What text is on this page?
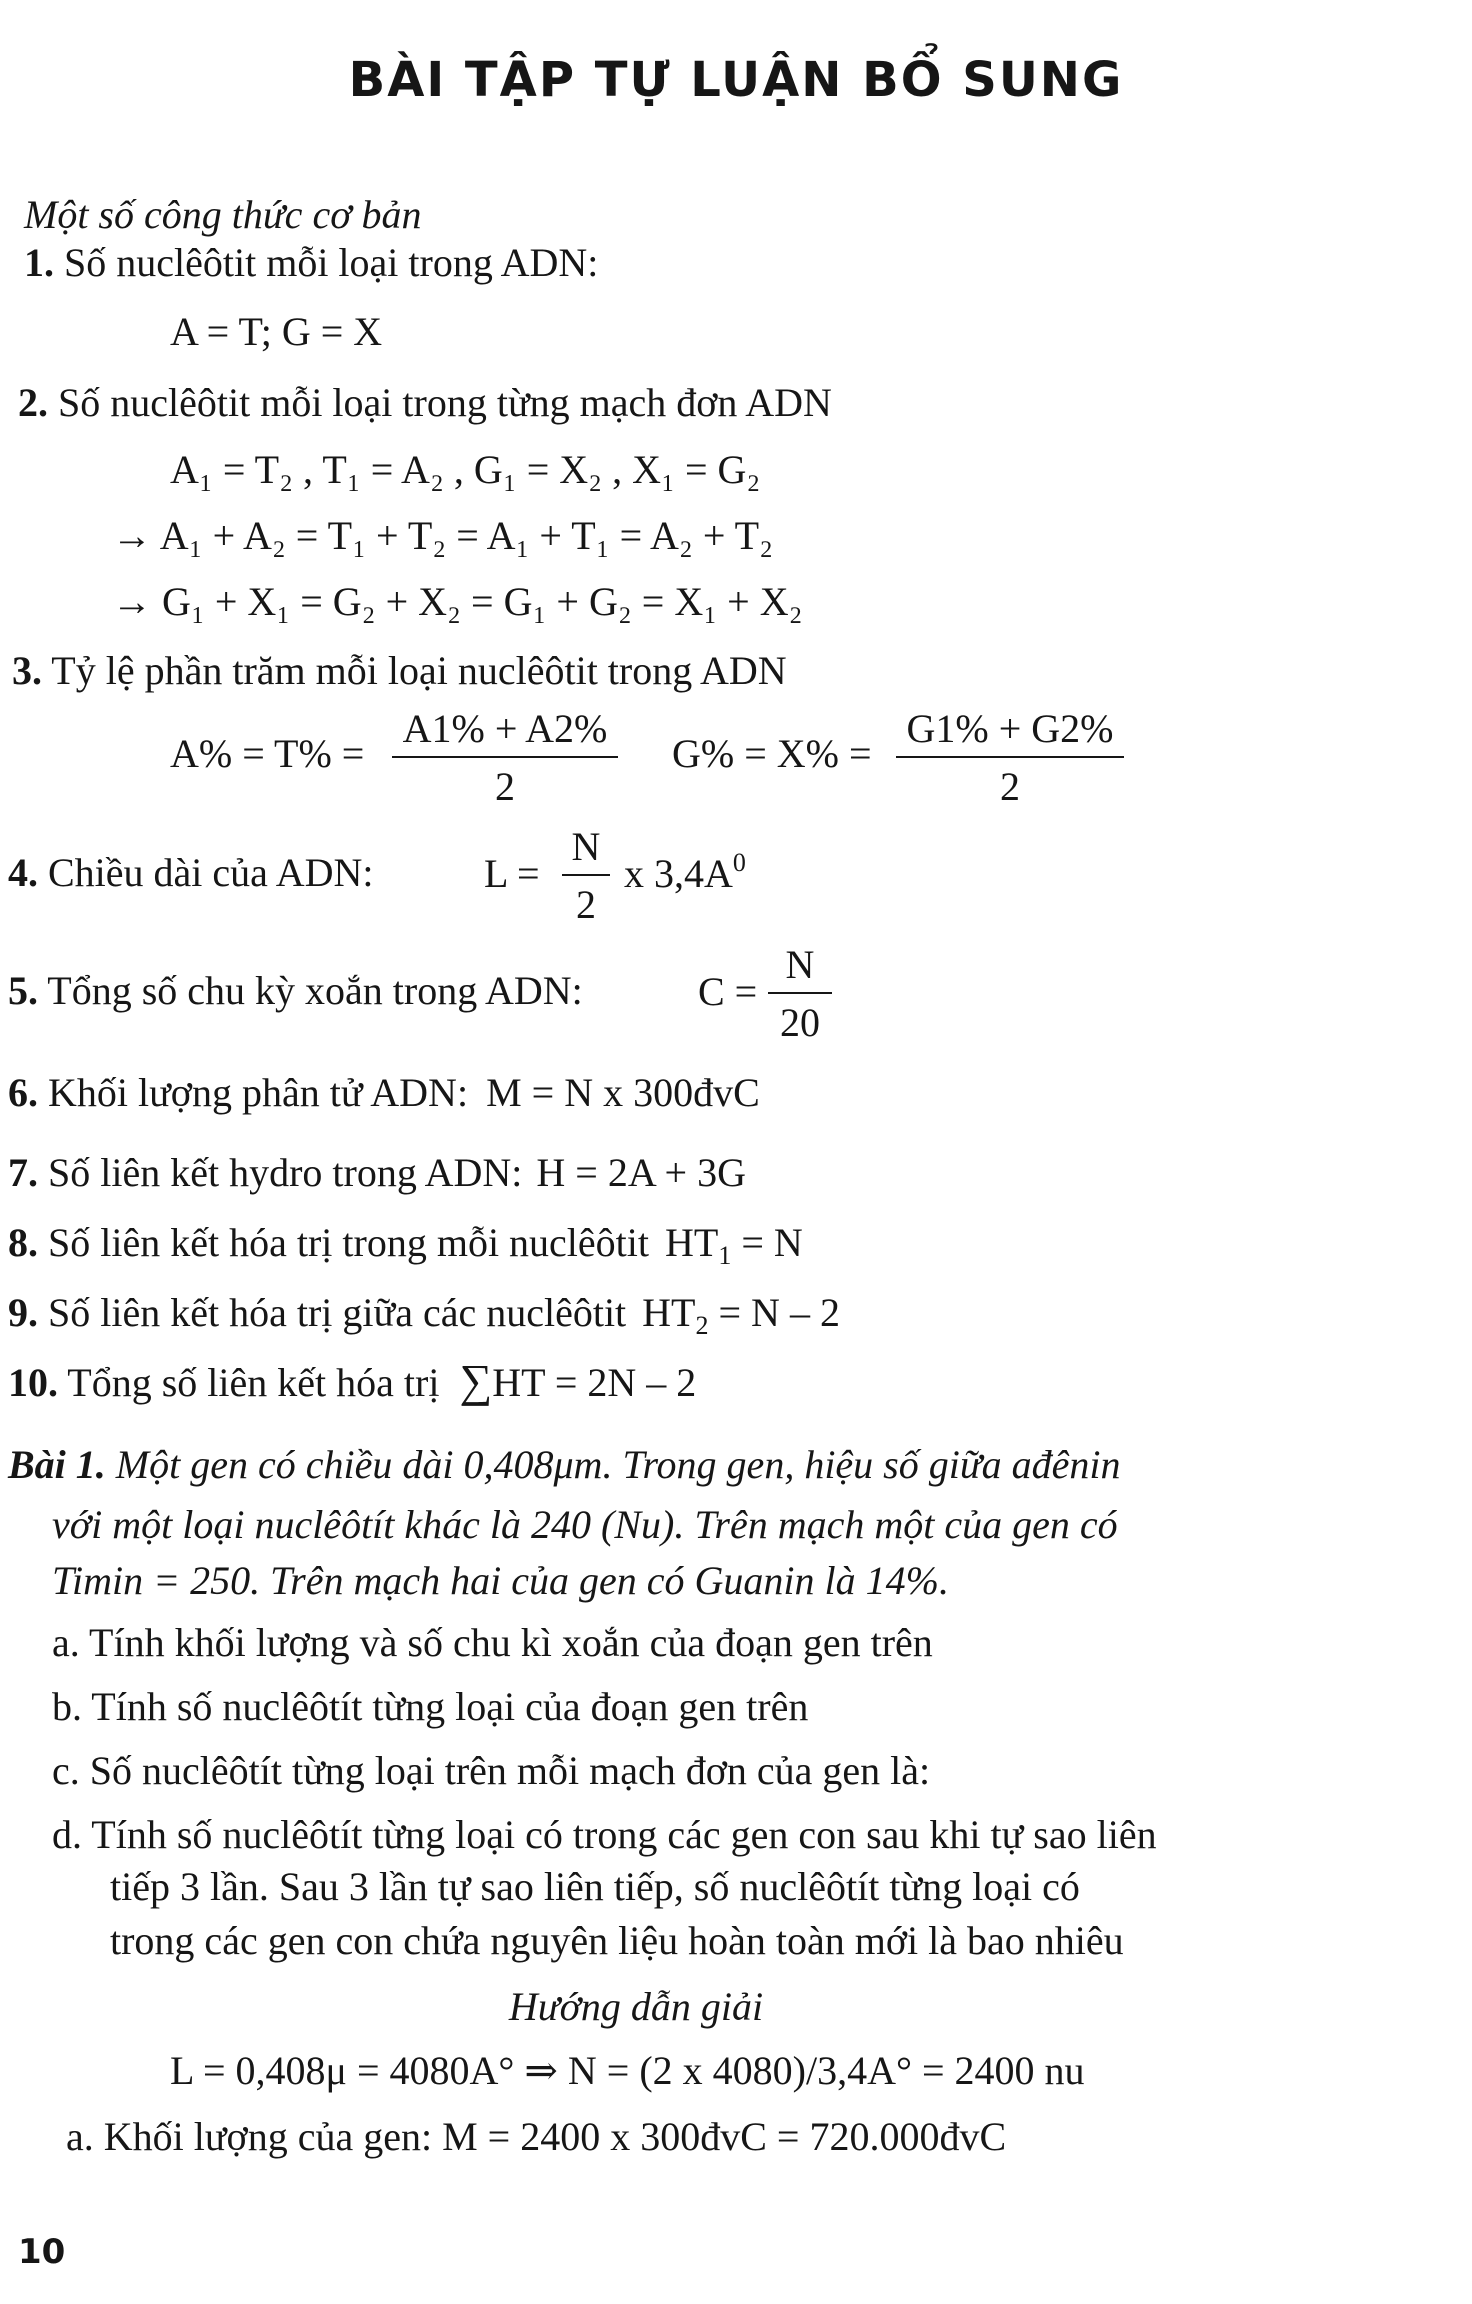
BÀI TẬP TỰ LUẬN BỔ SUNG
Một số công thức cơ bản
1. Số nuclêôtit mỗi loại trong ADN:
A = T; G = X
2. Số nuclêôtit mỗi loại trong từng mạch đơn ADN
A₁ = T₂ , T₁ = A₂ , G₁ = X₂ , X₁ = G₂
→ A₁ + A₂ = T₁ + T₂ = A₁ + T₁ = A₂ + T₂
→ G₁ + X₁ = G₂ + X₂ = G₁ + G₂ = X₁ + X₂
3. Tỷ lệ phần trăm mỗi loại nuclêôtit trong ADN
A% = T% =
A1% + A2%
2
G% = X% =
G1% + G2%
2
4. Chiều dài của ADN:	L =
N
2
x $3,4A^0$
5. Tổng số chu kỳ xoắn trong ADN:	C =
N
20
6. Khối lượng phân tử ADN: M = N x 300đvC
7. Số liên kết hydro trong ADN: H = 2A + 3G
8. Số liên kết hóa trị trong mỗi nuclêôtit $HT_1 = N$
9. Số liên kết hóa trị giữa các nuclêôtit $HT_2 = N - 2$
10. Tổng số liên kết hóa trị ∑HT = 2N – 2
Bài 1. Một gen có chiều dài 0,408μm. Trong gen, hiệu số giữa ađênin
với một loại nuclêôtít khác là 240 (Nu). Trên mạch một của gen có
Timin = 250. Trên mạch hai của gen có Guanin là 14%.
a. Tính khối lượng và số chu kì xoắn của đoạn gen trên
b. Tính số nuclêôtít từng loại của đoạn gen trên
c. Số nuclêôtít từng loại trên mỗi mạch đơn của gen là:
d. Tính số nuclêôtít từng loại có trong các gen con sau khi tự sao liên
tiếp 3 lần. Sau 3 lần tự sao liên tiếp, số nuclêôtít từng loại có
trong các gen con chứa nguyên liệu hoàn toàn mới là bao nhiêu
Hướng dẫn giải
L = 0,408μ = 4080A° ⇒ N = (2 x 4080)/3,4A° = 2400 nu
a. Khối lượng của gen: M = 2400 x 300đvC = 720.000đvC
10
